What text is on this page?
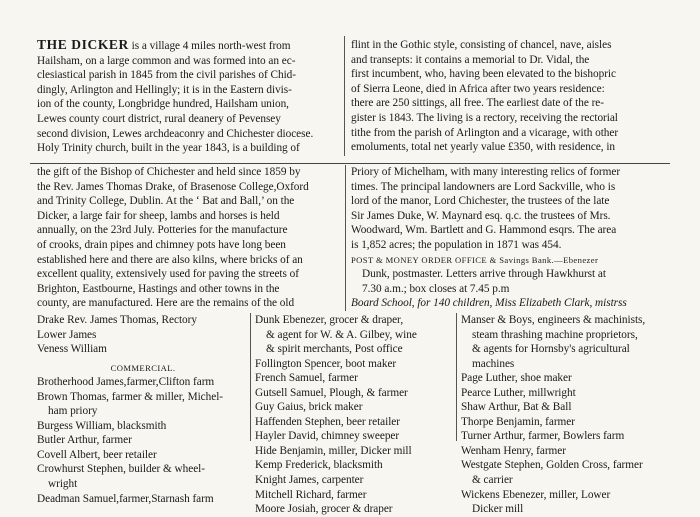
THE DICKER is a village 4 miles north-west from
Hailsham, on a large common and was formed into an ec-
clesiastical parish in 1845 from the civil parishes of Chid-
dingly, Arlington and Hellingly; it is in the Eastern divis-
ion of the county, Longbridge hundred, Hailsham union,
Lewes county court district, rural deanery of Pevensey
second division, Lewes archdeaconry and Chichester diocese.
Holy Trinity church, built in the year 1843, is a building of
flint in the Gothic style, consisting of chancel, nave, aisles
and transepts: it contains a memorial to Dr. Vidal, the
first incumbent, who, having been elevated to the bishopric
of Sierra Leone, died in Africa after two years residence:
there are 250 sittings, all free. The earliest date of the re-
gister is 1843. The living is a rectory, receiving the rectorial
tithe from the parish of Arlington and a vicarage, with other
emoluments, total net yearly value £350, with residence, in
the gift of the Bishop of Chichester and held since 1859 by
the Rev. James Thomas Drake, of Brasenose College,Oxford
and Trinity College, Dublin. At the ‘ Bat and Ball,’ on the
Dicker, a large fair for sheep, lambs and horses is held
annually, on the 23rd July. Potteries for the manufacture
of crooks, drain pipes and chimney pots have long been
established here and there are also kilns, where bricks of an
excellent quality, extensively used for paving the streets of
Brighton, Eastbourne, Hastings and other towns in the
county, are manufactured. Here are the remains of the old
Priory of Michelham, with many interesting relics of former
times. The principal landowners are Lord Sackville, who is
lord of the manor, Lord Chichester, the trustees of the late
Sir James Duke, W. Maynard esq. q.c. the trustees of Mrs.
Woodward, Wm. Bartlett and G. Hammond esqrs. The area
is 1,852 acres; the population in 1871 was 454.
POST & MONEY ORDER OFFICE & Savings Bank.—Ebenezer
Dunk, postmaster. Letters arrive through Hawkhurst at
7.30 a.m.; box closes at 7.45 p.m
Board School, for 140 children, Miss Elizabeth Clark, mistrss
Drake Rev. James Thomas, Rectory
Lower James
Veness William
COMMERCIAL.
Brotherhood James,farmer,Clifton farm
Brown Thomas, farmer & miller, Michel-
ham priory
Burgess William, blacksmith
Butler Arthur, farmer
Covell Albert, beer retailer
Crowhurst Stephen, builder & wheel-
wright
Deadman Samuel,farmer,Starnash farm
Dunk Ebenezer, grocer & draper,
& agent for W. & A. Gilbey, wine
& spirit merchants, Post office
Follington Spencer, boot maker
French Samuel, farmer
Gutsell Samuel, Plough, & farmer
Guy Gaius, brick maker
Haffenden Stephen, beer retailer
Hayler David, chimney sweeper
Hide Benjamin, miller, Dicker mill
Kemp Frederick, blacksmith
Knight James, carpenter
Mitchell Richard, farmer
Moore Josiah, grocer & draper
Manser & Boys, engineers & machinists,
steam thrashing machine proprietors,
& agents for Hornsby's agricultural
machines
Page Luther, shoe maker
Pearce Luther, millwright
Shaw Arthur, Bat & Ball
Thorpe Benjamin, farmer
Turner Arthur, farmer, Bowlers farm
Wenham Henry, farmer
Westgate Stephen, Golden Cross, farmer
& carrier
Wickens Ebenezer, miller, Lower
Dicker mill
